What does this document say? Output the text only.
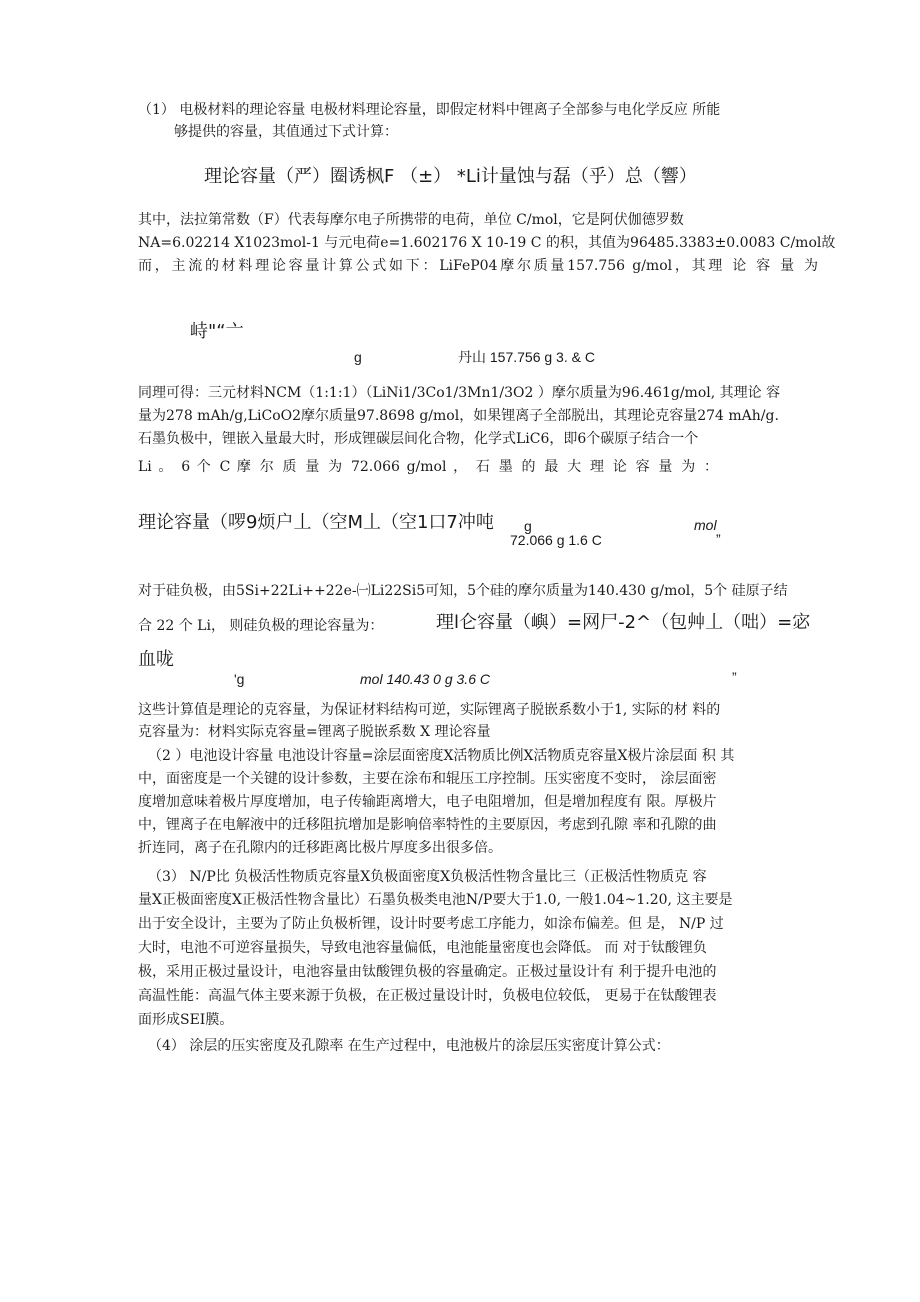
（1） 电极材料的理论容量 电极材料理论容量，即假定材料中锂离子全部参与电化学反应 所能
够提供的容量，其值通过下式计算：
理论容量（严）圈诱枫F （±） *Li计量蚀与磊（乎）总（響）
其中，法拉第常数（F）代表每摩尔电子所携带的电荷，单位 C/mol，它是阿伏伽德罗数
NA=6.02214 X1023mol-1 与元电荷e=1.602176 X 10-19 C 的积，其值为96485.3383±0.0083 C/mol故
而，主流的材料理论容量计算公式如下：LiFeP04摩尔质量157.756 g/mol，其理 论 容 量 为
峙"“亠
g	丹山 157.756 g 3. & C
同理可得：三元材料NCM（1:1:1）（LiNi1/3Co1/3Mn1/3O2 ）摩尔质量为96.461g/mol, 其理论 容
量为278 mAh/g,LiCoO2摩尔质量97.8698 g/mol，如果锂离子全部脱出，其理论克容量274 mAh/g.
石墨负极中，锂嵌入量最大时，形成锂碳层间化合物，化学式LiC6，即6个碳原子结合一个
Li 。 6 个 C 摩 尔 质 量 为 72.066 g/mol ， 石 墨 的 最 大 理 论 容 量 为 ：
理论容量（啰9烦户丄（空M丄（空1口7冲吨 g	mol
72.066 g 1.6 C	”
对于硅负极，由5Si+22Li++22e-㈠Li22Si5可知，5个硅的摩尔质量为140.430 g/mol，5个 硅原子结
合 22 个 Li， 则硅负极的理论容量为：	理l仑容量（嶼）=网尸-2^（包艸丄（咄）=宓
血咙
'g	mol 140.43 0 g 3.6 C	”
这些计算值是理论的克容量，为保证材料结构可逆，实际锂离子脱嵌系数小于1, 实际的材 料的
克容量为：材料实际克容量=锂离子脱嵌系数 X 理论容量
（2 ）电池设计容量 电池设计容量=涂层面密度X活物质比例X活物质克容量X极片涂层面 积 其
中，面密度是一个关键的设计参数，主要在涂布和辊压工序控制。压实密度不变时， 涂层面密
度增加意味着极片厚度增加，电子传输距离增大，电子电阻增加，但是增加程度有 限。厚极片
中，锂离子在电解液中的迁移阻抗增加是影响倍率特性的主要原因，考虑到孔隙 率和孔隙的曲
折连同，离子在孔隙内的迁移距离比极片厚度多出很多倍。
（3） N/P比 负极活性物质克容量X负极面密度X负极活性物含量比三（正极活性物质克 容
量X正极面密度X正极活性物含量比）石墨负极类电池N/P要大于1.0, 一般1.04~1.20, 这主要是
出于安全设计，主要为了防止负极析锂，设计时要考虑工序能力，如涂布偏差。但 是， N/P 过
大时，电池不可逆容量损失，导致电池容量偏低，电池能量密度也会降低。 而 对于钛酸锂负
极，采用正极过量设计，电池容量由钛酸锂负极的容量确定。正极过量设计有 利于提升电池的
高温性能：高温气体主要来源于负极，在正极过量设计时，负极电位较低， 更易于在钛酸锂表
面形成SEI膜。
（4） 涂层的压实密度及孔隙率 在生产过程中，电池极片的涂层压实密度计算公式：
